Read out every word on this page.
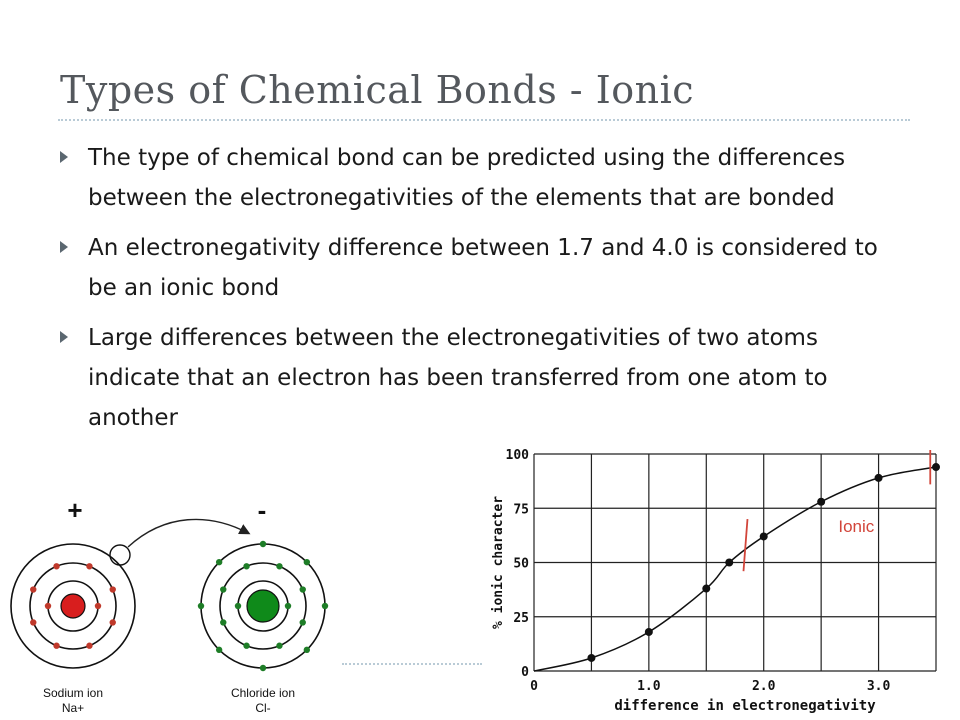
Types of Chemical Bonds - Ionic
The type of chemical bond can be predicted using the differences between the electronegativities of the elements that are bonded
An electronegativity difference between 1.7 and 4.0 is considered to be an ionic bond
Large differences between the electronegativities of two atoms indicate that an electron has been transferred from one atom to another
+	-
Sodium ion
Na+
Chloride ion
Cl-
0	1.0	2.0	3.0
0
25
50
75
100
difference in electronegativity
% ionic character	Ionic
